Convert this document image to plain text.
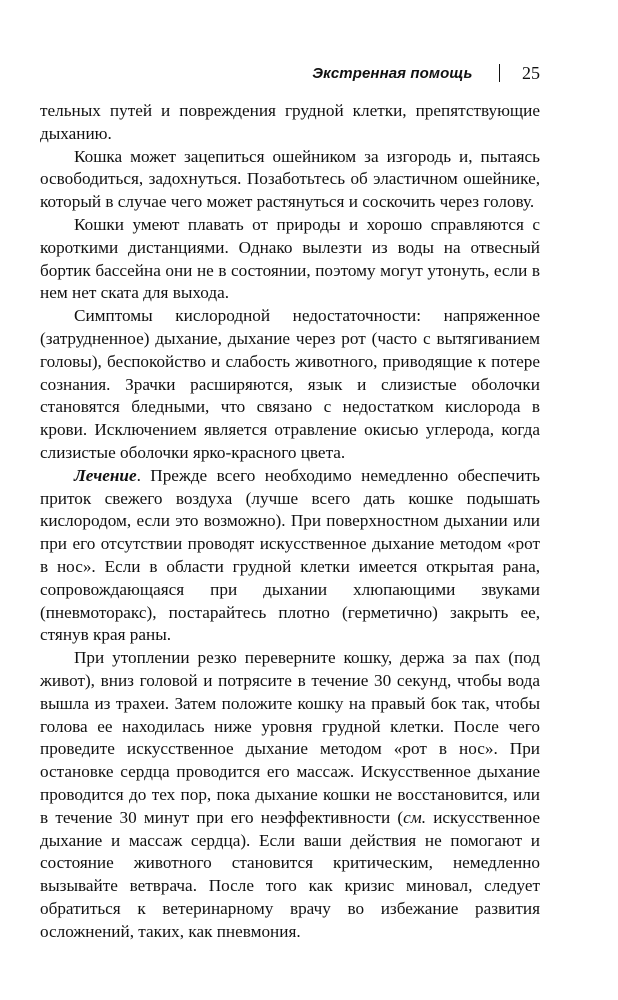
Экстренная помощь	25

тельных путей и повреждения грудной клетки, препятствующие дыханию.

Кошка может зацепиться ошейником за изгородь и, пытаясь освободиться, задохнуться. Позаботьтесь об эластичном ошейнике, который в случае чего может растянуться и соскочить через голову.

Кошки умеют плавать от природы и хорошо справляются с короткими дистанциями. Однако вылезти из воды на отвесный бортик бассейна они не в состоянии, поэтому могут утонуть, если в нем нет ската для выхода.

Симптомы кислородной недостаточности: напряженное (затрудненное) дыхание, дыхание через рот (часто с вытягиванием головы), беспокойство и слабость животного, приводящие к потере сознания. Зрачки расширяются, язык и слизистые оболочки становятся бледными, что связано с недостатком кислорода в крови. Исключением является отравление окисью углерода, когда слизистые оболочки ярко-красного цвета.

Лечение. Прежде всего необходимо немедленно обеспечить приток свежего воздуха (лучше всего дать кошке подышать кислородом, если это возможно). При поверхностном дыхании или при его отсутствии проводят искусственное дыхание методом «рот в нос». Если в области грудной клетки имеется открытая рана, сопровождающаяся при дыхании хлюпающими звуками (пневмоторакс), постарайтесь плотно (герметично) закрыть ее, стянув края раны.

При утоплении резко переверните кошку, держа за пах (под живот), вниз головой и потрясите в течение 30 секунд, чтобы вода вышла из трахеи. Затем положите кошку на правый бок так, чтобы голова ее находилась ниже уровня грудной клетки. После чего проведите искусственное дыхание методом «рот в нос». При остановке сердца проводится его массаж. Искусственное дыхание проводится до тех пор, пока дыхание кошки не восстановится, или в течение 30 минут при его неэффективности (см. искусственное дыхание и массаж сердца). Если ваши действия не помогают и состояние животного становится критическим, немедленно вызывайте ветврача. После того как кризис миновал, следует обратиться к ветеринарному врачу во избежание развития осложнений, таких, как пневмония.
